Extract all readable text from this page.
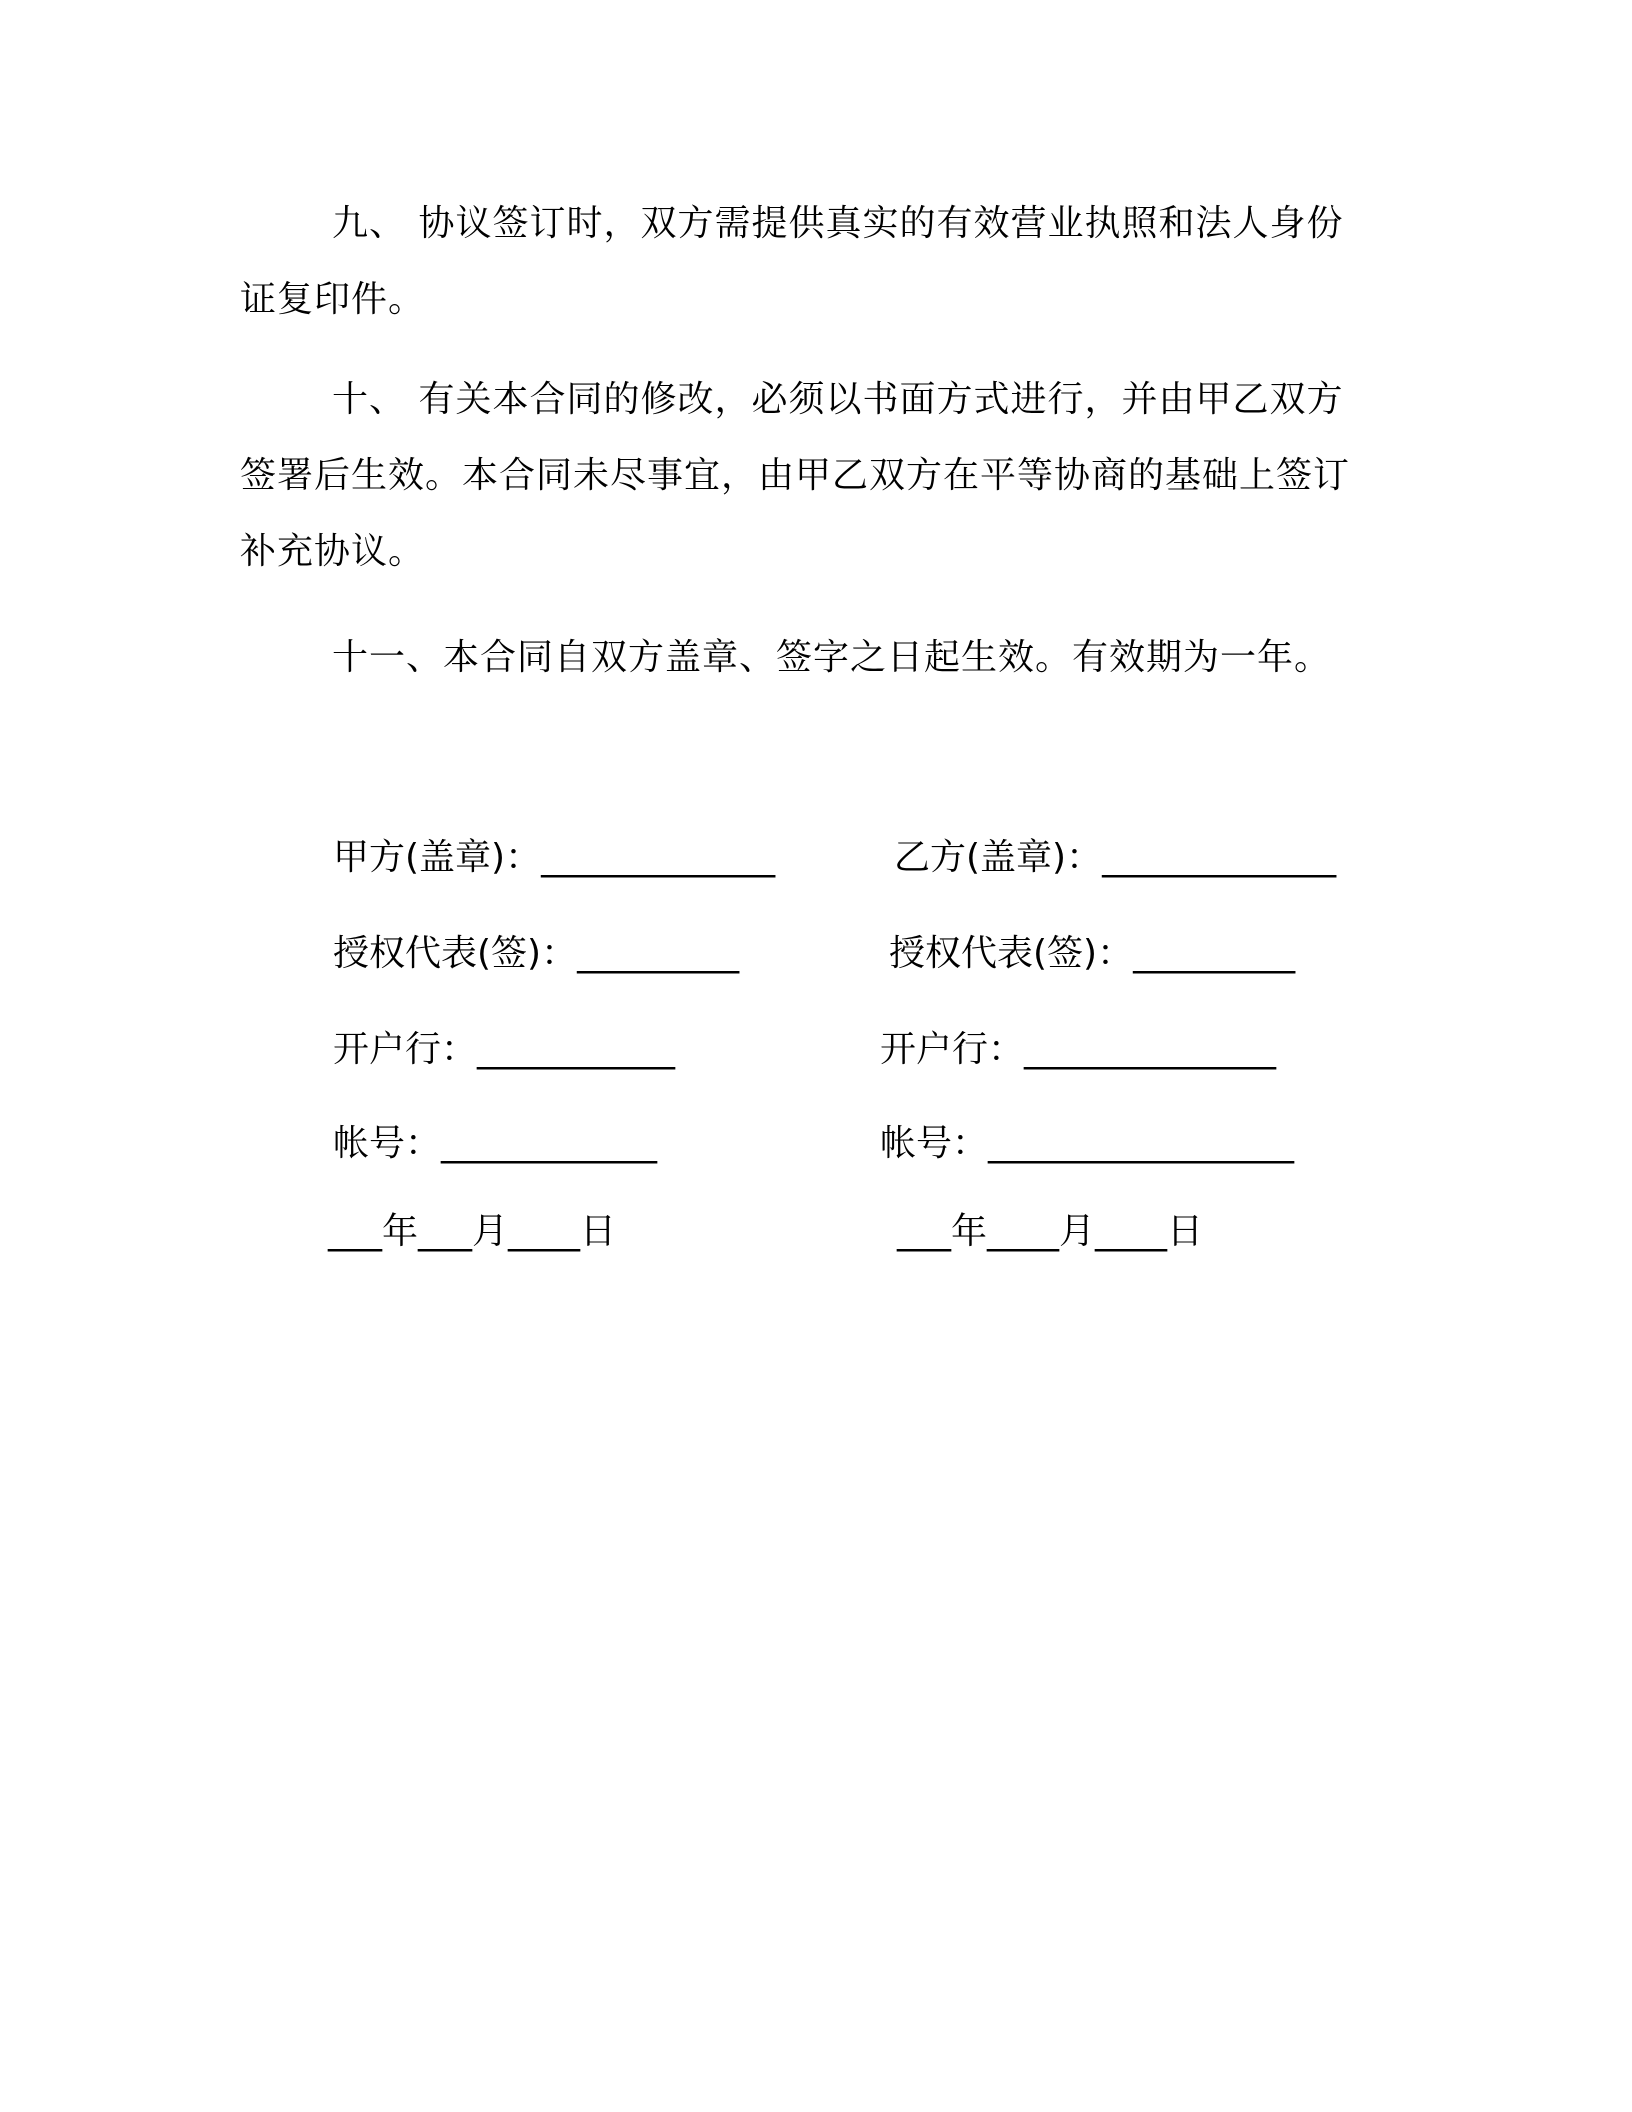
九、 协议签订时，双方需提供真实的有效营业执照和法人身份证复印件。

十、 有关本合同的修改，必须以书面方式进行，并由甲乙双方签署后生效。本合同未尽事宜，由甲乙双方在平等协商的基础上签订补充协议。

十一、本合同自双方盖章、签字之日起生效。有效期为一年。

甲方(盖章)：_____________
授权代表(签)：_________
开户行：___________
帐号：____________
___年___月____日
乙方(盖章)：_____________
授权代表(签)：_________
开户行：______________
帐号：_________________
___年____月____日
